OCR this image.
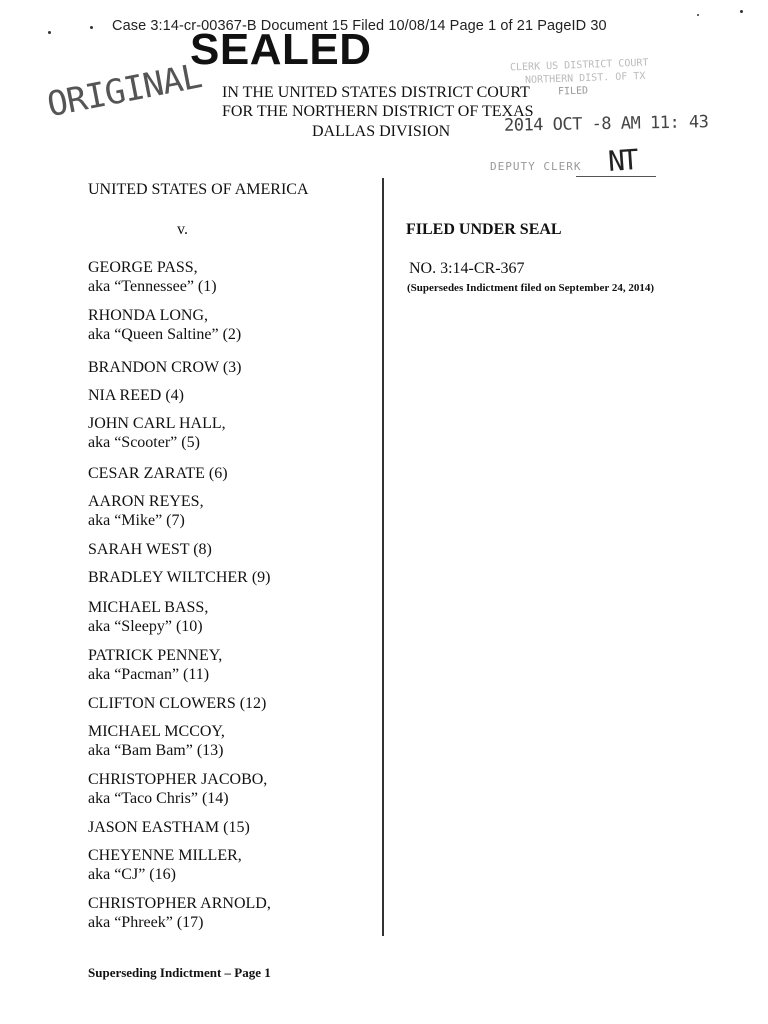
Case 3:14-cr-00367-B Document 15 Filed 10/08/14 Page 1 of 21 PageID 30
SEALED
ORIGINAL IN THE UNITED STATES DISTRICT COURT
FOR THE NORTHERN DISTRICT OF TEXAS
DALLAS DIVISION
CLERK US DISTRICT COURT
NORTHERN DIST. OF TX
FILED
2014 OCT -8 AM 11: 43
DEPUTY CLERK NT
UNITED STATES OF AMERICA
v.
GEORGE PASS,
aka “Tennessee” (1)
RHONDA LONG,
aka “Queen Saltine” (2)
BRANDON CROW (3)
NIA REED (4)
JOHN CARL HALL,
aka “Scooter” (5)
CESAR ZARATE (6)
AARON REYES,
aka “Mike” (7)
SARAH WEST (8)
BRADLEY WILTCHER (9)
MICHAEL BASS,
aka “Sleepy” (10)
PATRICK PENNEY,
aka “Pacman” (11)
CLIFTON CLOWERS (12)
MICHAEL MCCOY,
aka “Bam Bam” (13)
CHRISTOPHER JACOBO,
aka “Taco Chris” (14)
JASON EASTHAM (15)
CHEYENNE MILLER,
aka “CJ” (16)
CHRISTOPHER ARNOLD,
aka “Phreek” (17)
FILED UNDER SEAL
NO. 3:14-CR-367
(Supersedes Indictment filed on September 24, 2014)
Superseding Indictment – Page 1
